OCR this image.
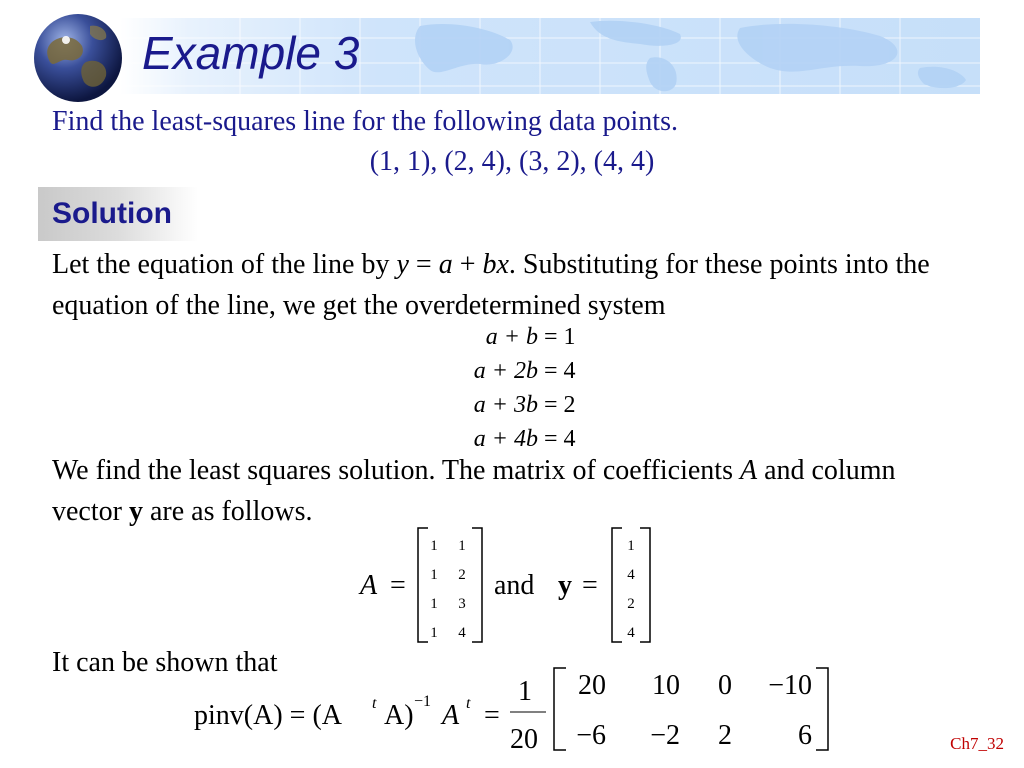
Example 3
Find the least-squares line for the following data points.
(1, 1), (2, 4), (3, 2), (4, 4)
Solution
Let the equation of the line by y = a + bx. Substituting for these points into the equation of the line, we get the overdetermined system
a + b = 1
a + 2b = 4
a + 3b = 2
a + 4b = 4
We find the least squares solution. The matrix of coefficients A and column vector y are as follows.
A =
1 1
1 2
1 3
1 4
and y =
1
4
2
4
pinv(A) = (A t A) −1 A t =
1
20
20 10 0 −10
−6 −2 2 6
It can be shown that
Ch7_32
